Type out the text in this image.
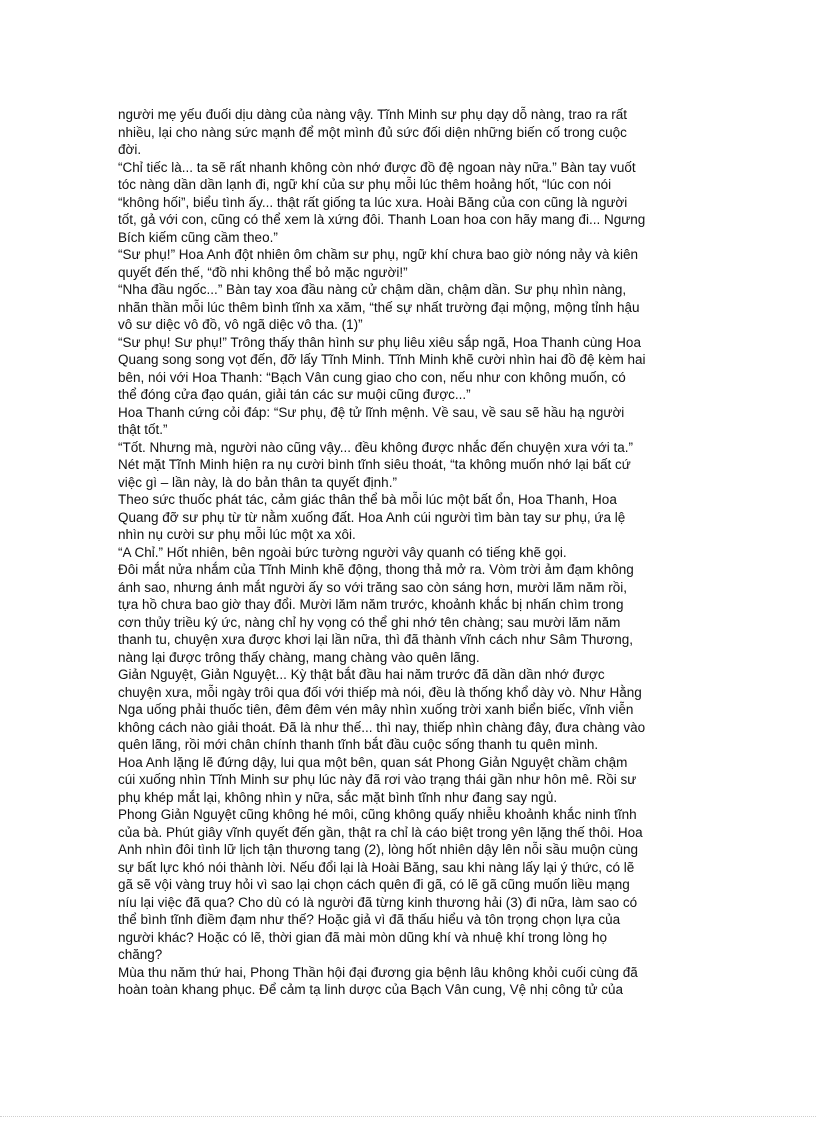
người mẹ yếu đuối dịu dàng của nàng vậy. Tĩnh Minh sư phụ dạy dỗ nàng, trao ra rất
nhiều, lại cho nàng sức mạnh để một mình đủ sức đối diện những biến cố trong cuộc
đời.
“Chỉ tiếc là... ta sẽ rất nhanh không còn nhớ được đồ đệ ngoan này nữa.” Bàn tay vuốt
tóc nàng dần dần lạnh đi, ngữ khí của sư phụ mỗi lúc thêm hoảng hốt, “lúc con nói
“không hối”, biểu tình ấy... thật rất giống ta lúc xưa. Hoài Băng của con cũng là người
tốt, gả với con, cũng có thể xem là xứng đôi. Thanh Loan hoa con hãy mang đi... Ngưng
Bích kiếm cũng cầm theo.”
“Sư phụ!” Hoa Anh đột nhiên ôm chầm sư phụ, ngữ khí chưa bao giờ nóng nảy và kiên
quyết đến thế, “đồ nhi không thể bỏ mặc người!”
“Nha đầu ngốc...” Bàn tay xoa đầu nàng cử chậm dần, chậm dần. Sư phụ nhìn nàng,
nhãn thần mỗi lúc thêm bình tĩnh xa xăm, “thế sự nhất trường đại mộng, mộng tỉnh hậu
vô sư diệc vô đồ, vô ngã diệc vô tha. (1)”
“Sư phụ! Sư phụ!” Trông thấy thân hình sư phụ liêu xiêu sắp ngã, Hoa Thanh cùng Hoa
Quang song song vọt đến, đỡ lấy Tĩnh Minh. Tĩnh Minh khẽ cười nhìn hai đồ đệ kèm hai
bên, nói với Hoa Thanh: “Bạch Vân cung giao cho con, nếu như con không muốn, có
thể đóng cửa đạo quán, giải tán các sư muội cũng được...”
Hoa Thanh cứng cỏi đáp: “Sư phụ, đệ tử lĩnh mệnh. Về sau, về sau sẽ hầu hạ người
thật tốt.”
“Tốt. Nhưng mà, người nào cũng vậy... đều không được nhắc đến chuyện xưa với ta.”
Nét mặt Tĩnh Minh hiện ra nụ cười bình tĩnh siêu thoát, “ta không muốn nhớ lại bất cứ
việc gì – lần này, là do bản thân ta quyết định.”
Theo sức thuốc phát tác, cảm giác thân thể bà mỗi lúc một bất ổn, Hoa Thanh, Hoa
Quang đỡ sư phụ từ từ nằm xuống đất. Hoa Anh cúi người tìm bàn tay sư phụ, ứa lệ
nhìn nụ cười sư phụ mỗi lúc một xa xôi.
“A Chỉ.” Hốt nhiên, bên ngoài bức tường người vây quanh có tiếng khẽ gọi.
Đôi mắt nửa nhắm của Tĩnh Minh khẽ động, thong thả mở ra. Vòm trời ảm đạm không
ánh sao, nhưng ánh mắt người ấy so với trăng sao còn sáng hơn, mười lăm năm rồi,
tựa hồ chưa bao giờ thay đổi. Mười lăm năm trước, khoảnh khắc bị nhấn chìm trong
cơn thủy triều ký ức, nàng chỉ hy vọng có thể ghi nhớ tên chàng; sau mười lăm năm
thanh tu, chuyện xưa được khơi lại lần nữa, thì đã thành vĩnh cách như Sâm Thương,
nàng lại được trông thấy chàng, mang chàng vào quên lãng.
Giản Nguyệt, Giản Nguyệt... Kỳ thật bắt đầu hai năm trước đã dần dần nhớ được
chuyện xưa, mỗi ngày trôi qua đối với thiếp mà nói, đều là thống khổ dày vò. Như Hằng
Nga uống phải thuốc tiên, đêm đêm vén mây nhìn xuống trời xanh biển biếc, vĩnh viễn
không cách nào giải thoát. Đã là như thế... thì nay, thiếp nhìn chàng đây, đưa chàng vào
quên lãng, rồi mới chân chính thanh tĩnh bắt đầu cuộc sống thanh tu quên mình.
Hoa Anh lặng lẽ đứng dậy, lui qua một bên, quan sát Phong Giản Nguyệt chầm chậm
cúi xuống nhìn Tĩnh Minh sư phụ lúc này đã rơi vào trạng thái gần như hôn mê. Rồi sư
phụ khép mắt lại, không nhìn y nữa, sắc mặt bình tĩnh như đang say ngủ.
Phong Giản Nguyệt cũng không hé môi, cũng không quấy nhiễu khoảnh khắc ninh tĩnh
của bà. Phút giây vĩnh quyết đến gần, thật ra chỉ là cáo biệt trong yên lặng thế thôi. Hoa
Anh nhìn đôi tình lữ lịch tận thương tang (2), lòng hốt nhiên dậy lên nỗi sầu muộn cùng
sự bất lực khó nói thành lời. Nếu đổi lại là Hoài Băng, sau khi nàng lấy lại ý thức, có lẽ
gã sẽ vội vàng truy hỏi vì sao lại chọn cách quên đi gã, có lẽ gã cũng muốn liều mạng
níu lại việc đã qua? Cho dù có là người đã từng kinh thương hải (3) đi nữa, làm sao có
thể bình tĩnh điềm đạm như thế? Hoặc giả vì đã thấu hiểu và tôn trọng chọn lựa của
người khác? Hoặc có lẽ, thời gian đã mài mòn dũng khí và nhuệ khí trong lòng họ
chăng?
Mùa thu năm thứ hai, Phong Thần hội đại đương gia bệnh lâu không khỏi cuối cùng đã
hoàn toàn khang phục. Để cảm tạ linh dược của Bạch Vân cung, Vệ nhị công tử của
